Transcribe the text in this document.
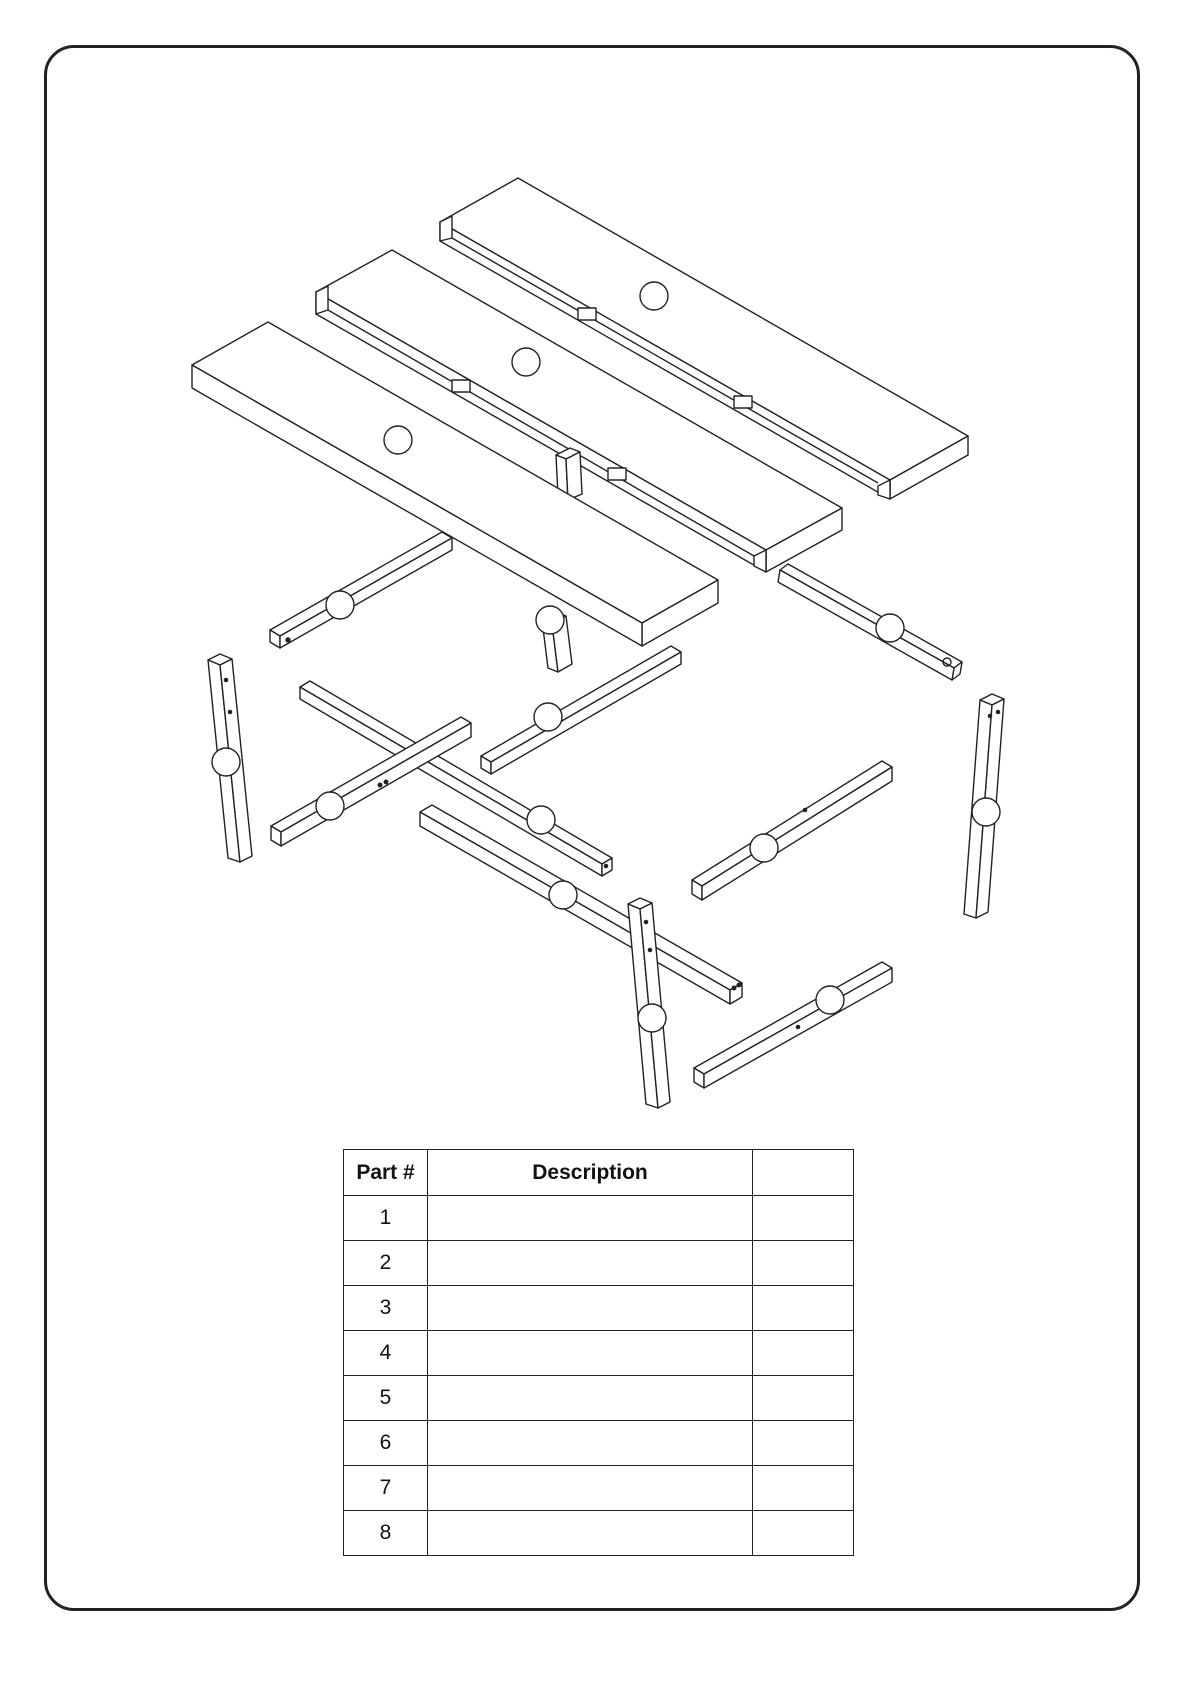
Part #	Description	
1		
2		
3		
4		
5		
6		
7		
8		
